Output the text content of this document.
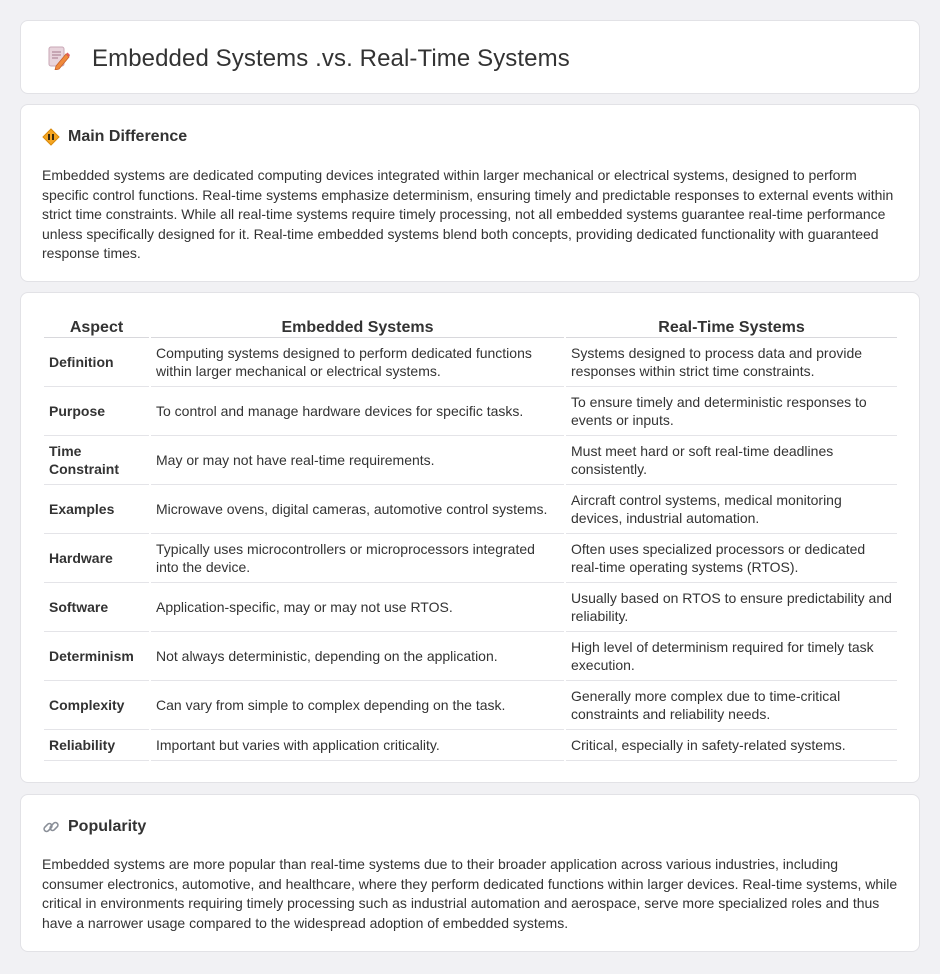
Embedded Systems .vs. Real-Time Systems
Main Difference

Embedded systems are dedicated computing devices integrated within larger mechanical or electrical systems, designed to perform specific control functions. Real-time systems emphasize determinism, ensuring timely and predictable responses to external events within strict time constraints. While all real-time systems require timely processing, not all embedded systems guarantee real-time performance unless specifically designed for it. Real-time embedded systems blend both concepts, providing dedicated functionality with guaranteed response times.

Aspect	Embedded Systems	Real-Time Systems
Definition	Computing systems designed to perform dedicated functions within larger mechanical or electrical systems.	Systems designed to process data and provide responses within strict time constraints.
Purpose	To control and manage hardware devices for specific tasks.	To ensure timely and deterministic responses to events or inputs.
Time Constraint	May or may not have real-time requirements.	Must meet hard or soft real-time deadlines consistently.
Examples	Microwave ovens, digital cameras, automotive control systems.	Aircraft control systems, medical monitoring devices, industrial automation.
Hardware	Typically uses microcontrollers or microprocessors integrated into the device.	Often uses specialized processors or dedicated real-time operating systems (RTOS).
Software	Application-specific, may or may not use RTOS.	Usually based on RTOS to ensure predictability and reliability.
Determinism	Not always deterministic, depending on the application.	High level of determinism required for timely task execution.
Complexity	Can vary from simple to complex depending on the task.	Generally more complex due to time-critical constraints and reliability needs.
Reliability	Important but varies with application criticality.	Critical, especially in safety-related systems.
Popularity

Embedded systems are more popular than real-time systems due to their broader application across various industries, including consumer electronics, automotive, and healthcare, where they perform dedicated functions within larger devices. Real-time systems, while critical in environments requiring timely processing such as industrial automation and aerospace, serve more specialized roles and thus have a narrower usage compared to the widespread adoption of embedded systems.
